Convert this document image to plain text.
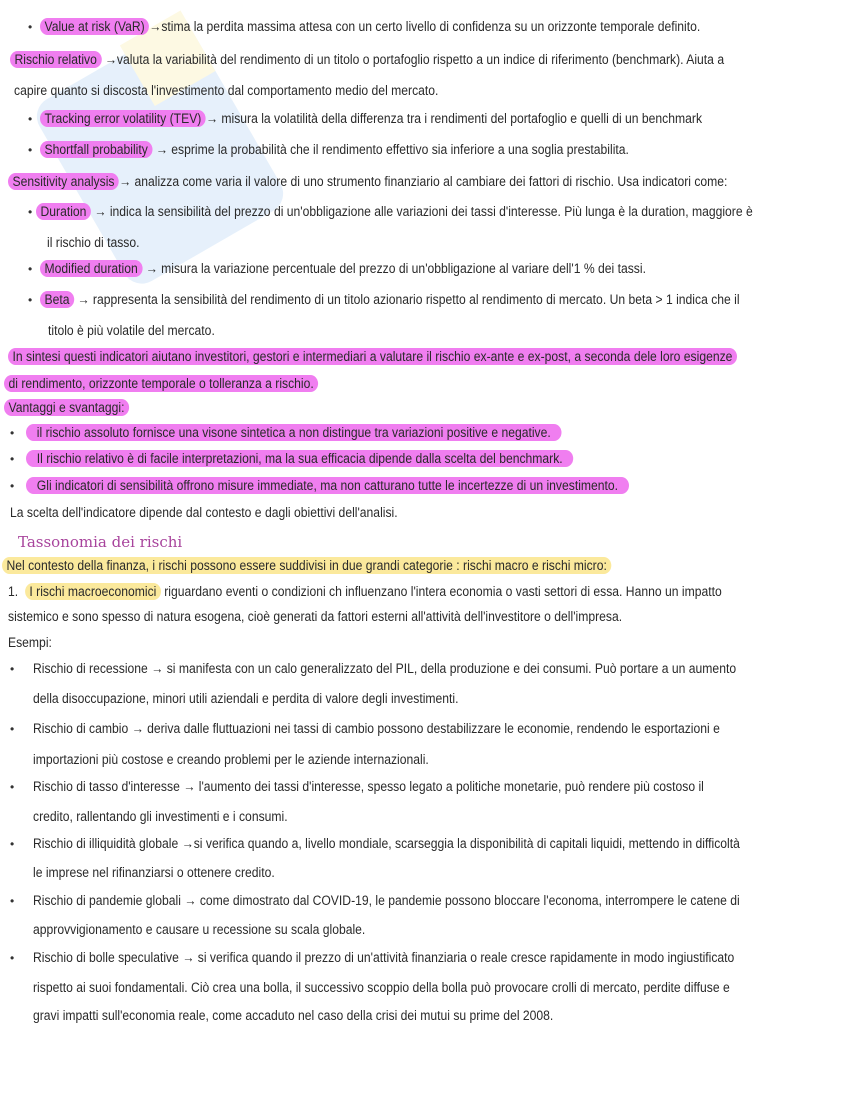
• Value at risk (VaR) →stima la perdita massima attesa con un certo livello di confidenza su un orizzonte temporale definito.
Rischio relativo →valuta la variabilità del rendimento di un titolo o portafoglio rispetto a un indice di riferimento (benchmark). Aiuta a
capire quanto si discosta l'investimento dal comportamento medio del mercato.
• Tracking error volatility (TEV) → misura la volatilità della differenza tra i rendimenti del portafoglio e quelli di un benchmark
• Shortfall probability → esprime la probabilità che il rendimento effettivo sia inferiore a una soglia prestabilita.
Sensitivity analysis → analizza come varia il valore di uno strumento finanziario al cambiare dei fattori di rischio. Usa indicatori come:
• Duration → indica la sensibilità del prezzo di un'obbligazione alle variazioni dei tassi d'interesse. Più lunga è la duration, maggiore è
il rischio di tasso.
• Modified duration → misura la variazione percentuale del prezzo di un'obbligazione al variare dell'1 % dei tassi.
• Beta → rappresenta la sensibilità del rendimento di un titolo azionario rispetto al rendimento di mercato. Un beta > 1 indica che il
titolo è più volatile del mercato.
In sintesi questi indicatori aiutano investitori, gestori e intermediari a valutare il rischio ex-ante e ex-post, a seconda dele loro esigenze
di rendimento, orizzonte temporale o tolleranza a rischio.
Vantaggi e svantaggi:
•	il rischio assoluto fornisce una visone sintetica a non distingue tra variazioni positive e negative.
•	Il rischio relativo è di facile interpretazioni, ma la sua efficacia dipende dalla scelta del benchmark.
•	Gli indicatori di sensibilità offrono misure immediate, ma non catturano tutte le incertezze di un investimento.
La scelta dell'indicatore dipende dal contesto e dagli obiettivi dell'analisi.
Tassonomia dei rischi
Nel contesto della finanza, i rischi possono essere suddivisi in due grandi categorie : rischi macro e rischi micro:
1. I rischi macroeconomici riguardano eventi o condizioni ch influenzano l'intera economia o vasti settori di essa. Hanno un impatto
sistemico e sono spesso di natura esogena, cioè generati da fattori esterni all'attività dell'investitore o dell'impresa.
Esempi:
• Rischio di recessione → si manifesta con un calo generalizzato del PIL, della produzione e dei consumi. Può portare a un aumento
della disoccupazione, minori utili aziendali e perdita di valore degli investimenti.
• Rischio di cambio → deriva dalle fluttuazioni nei tassi di cambio possono destabilizzare le economie, rendendo le esportazioni e
importazioni più costose e creando problemi per le aziende internazionali.
• Rischio di tasso d'interesse → l'aumento dei tassi d'interesse, spesso legato a politiche monetarie, può rendere più costoso il
credito, rallentando gli investimenti e i consumi.
• Rischio di illiquidità globale →si verifica quando a, livello mondiale, scarseggia la disponibilità di capitali liquidi, mettendo in difficoltà
le imprese nel rifinanziarsi o ottenere credito.
• Rischio di pandemie globali → come dimostrato dal COVID-19, le pandemie possono bloccare l'economa, interrompere le catene di
approvvigionamento e causare u recessione su scala globale.
• Rischio di bolle speculative → si verifica quando il prezzo di un'attività finanziaria o reale cresce rapidamente in modo ingiustificato
rispetto ai suoi fondamentali. Ciò crea una bolla, il successivo scoppio della bolla può provocare crolli di mercato, perdite diffuse e
gravi impatti sull'economia reale, come accaduto nel caso della crisi dei mutui su prime del 2008.
